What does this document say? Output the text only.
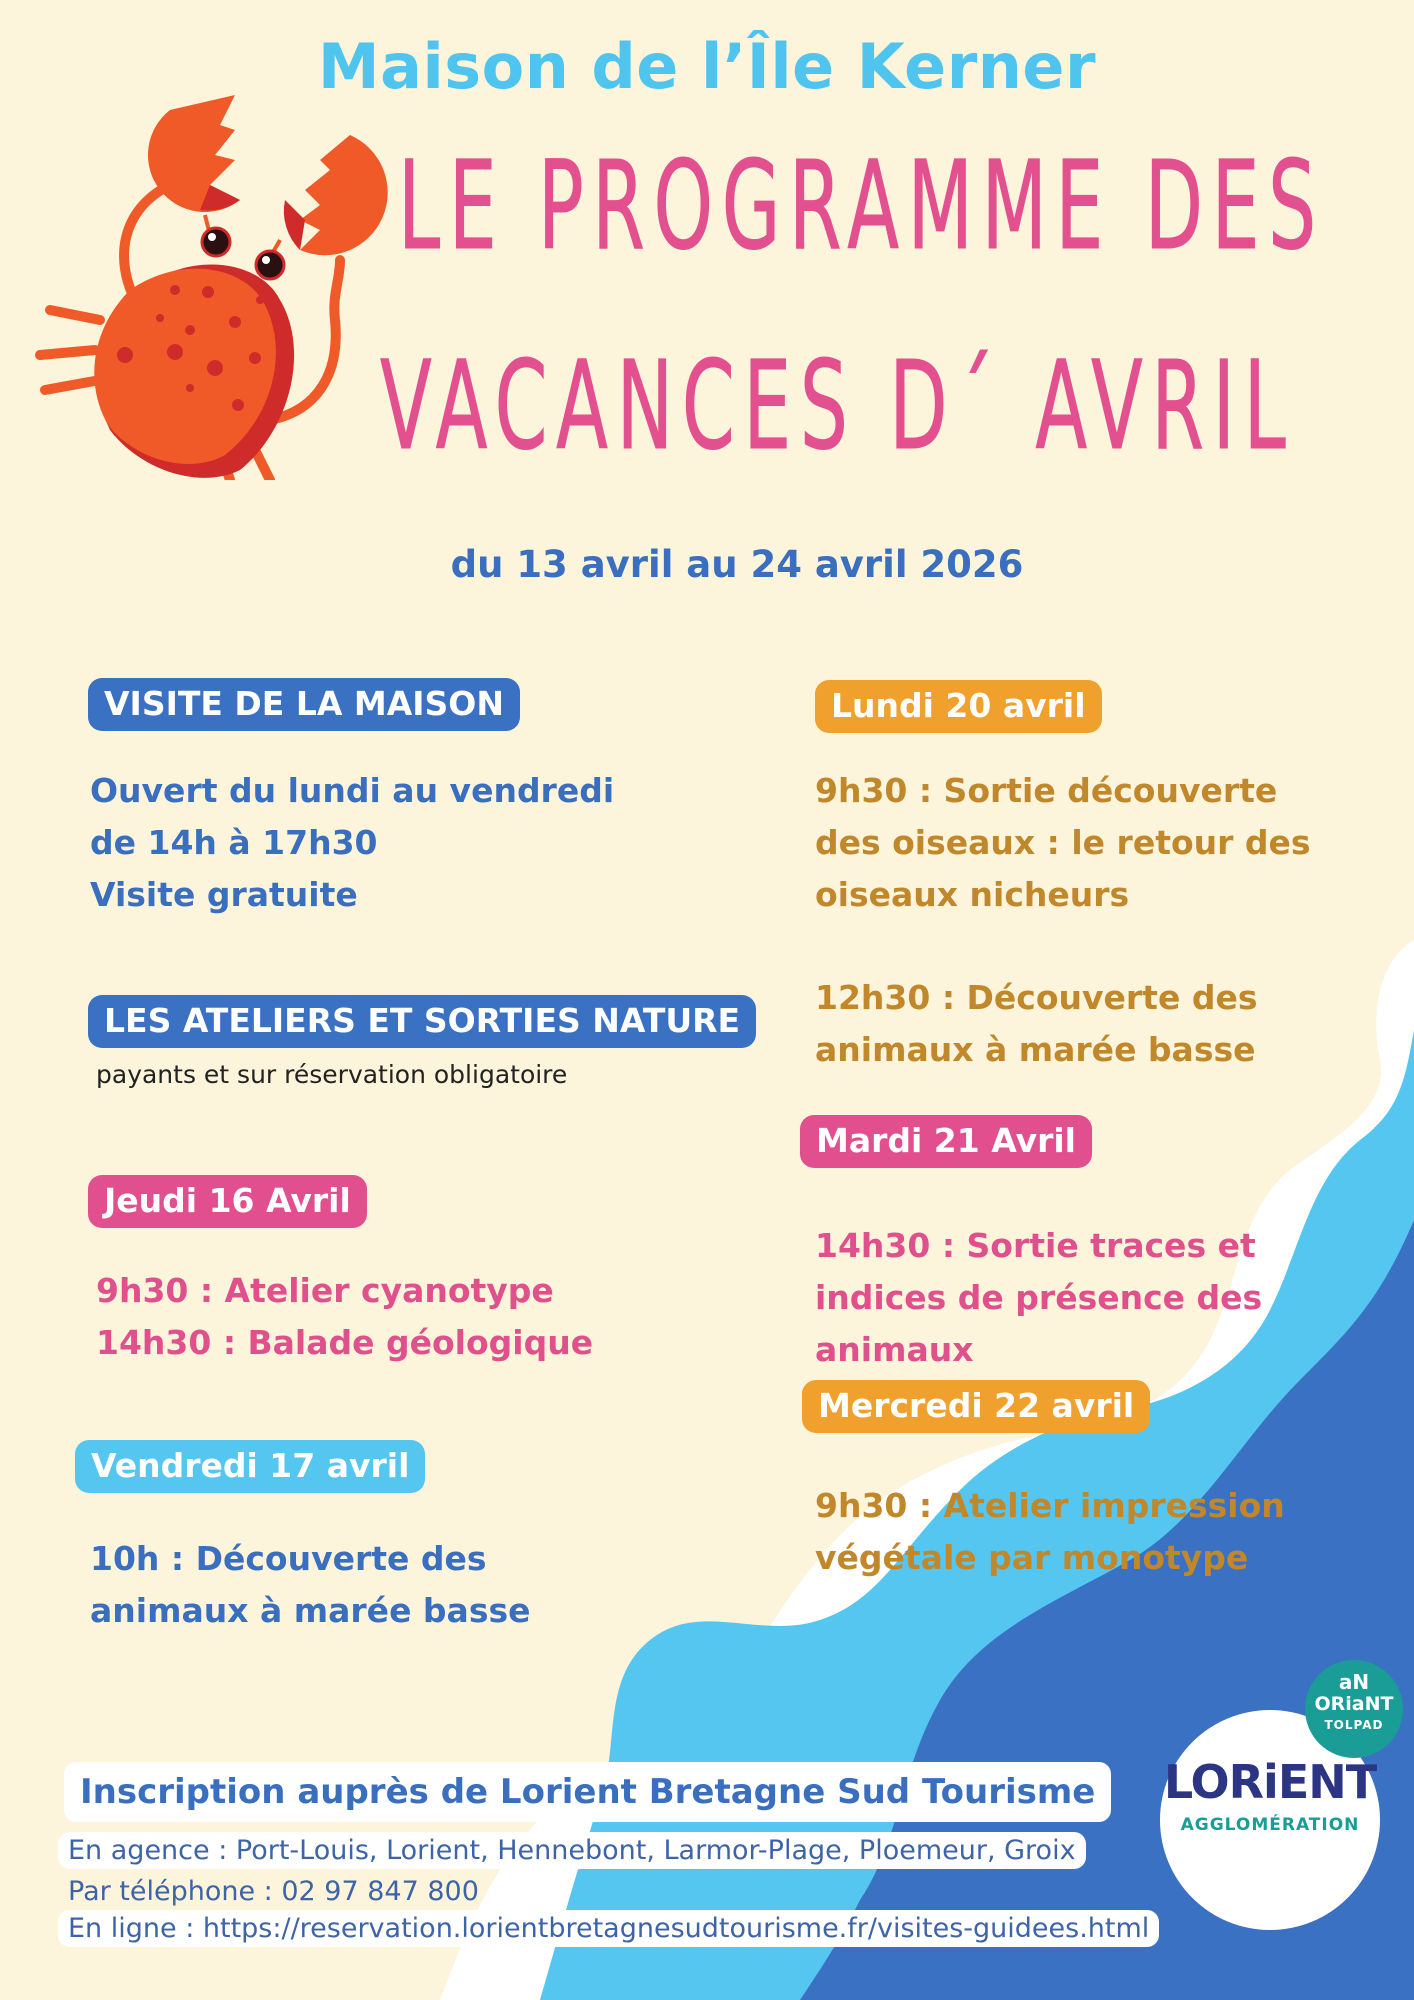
Maison de l’Île Kerner
LE PROGRAMME DES
VACANCES D´ AVRIL
du 13 avril au 24 avril 2026
VISITE DE LA MAISON
Ouvert du lundi au vendredi
de 14h à 17h30
Visite gratuite
LES ATELIERS ET SORTIES NATURE
payants et sur réservation obligatoire
Jeudi 16 Avril
9h30 : Atelier cyanotype
14h30 : Balade géologique
Vendredi 17 avril
10h : Découverte des
animaux à marée basse
Lundi 20 avril
9h30 : Sortie découverte
des oiseaux : le retour des
oiseaux nicheurs
12h30 : Découverte des
animaux à marée basse
Mardi 21 Avril
14h30 : Sortie traces et
indices de présence des
animaux
Mercredi 22 avril
9h30 : Atelier impression
végétale par monotype
Inscription auprès de Lorient Bretagne Sud Tourisme
En agence : Port-Louis, Lorient, Hennebont, Larmor-Plage, Ploemeur, Groix
Par téléphone : 02 97 847 800
En ligne : https://reservation.lorientbretagnesudtourisme.fr/visites-guidees.html
LORiENT
AGGLOMÉRATION
aN
ORiaNT
TOLPAD
